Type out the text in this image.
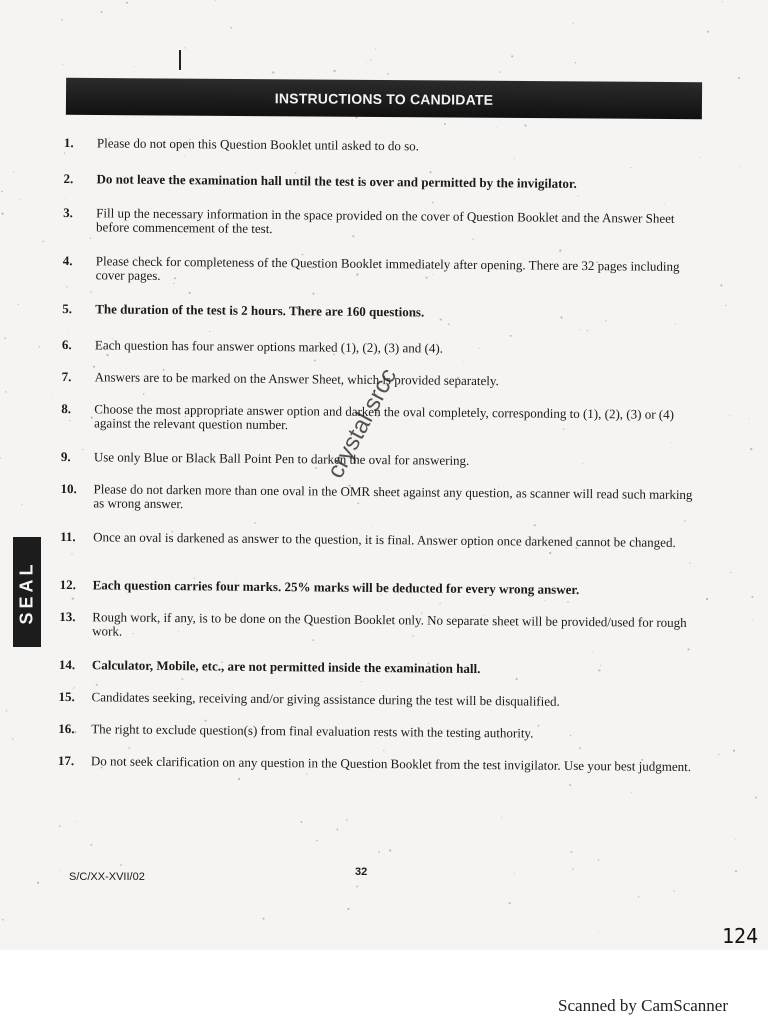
INSTRUCTIONS TO CANDIDATE
1.	Please do not open this Question Booklet until asked to do so.
2.	Do not leave the examination hall until the test is over and permitted by the invigilator.
3.	Fill up the necessary information in the space provided on the cover of Question Booklet and the Answer Sheet before commencement of the test.
4.	Please check for completeness of the Question Booklet immediately after opening. There are 32 pages including cover pages.
5.	The duration of the test is 2 hours. There are 160 questions.
6.	Each question has four answer options marked (1), (2), (3) and (4).
7.	Answers are to be marked on the Answer Sheet, which is provided separately.
8.	Choose the most appropriate answer option and darken the oval completely, corresponding to (1), (2), (3) or (4) against the relevant question number.
9.	Use only Blue or Black Ball Point Pen to darken the oval for answering.
10.	Please do not darken more than one oval in the OMR sheet against any question, as scanner will read such marking as wrong answer.
11.	Once an oval is darkened as answer to the question, it is final. Answer option once darkened cannot be changed.
12.	Each question carries four marks. 25% marks will be deducted for every wrong answer.
13.	Rough work, if any, is to be done on the Question Booklet only. No separate sheet will be provided/used for rough work.
14.	Calculator, Mobile, etc., are not permitted inside the examination hall.
15.	Candidates seeking, receiving and/or giving assistance during the test will be disqualified.
16.	The right to exclude question(s) from final evaluation rests with the testing authority.
17.	Do not seek clarification on any question in the Question Booklet from the test invigilator. Use your best judgment.
SEAL
crystal srcc
S/C/XX-XVII/02	32
124
Scanned by CamScanner
